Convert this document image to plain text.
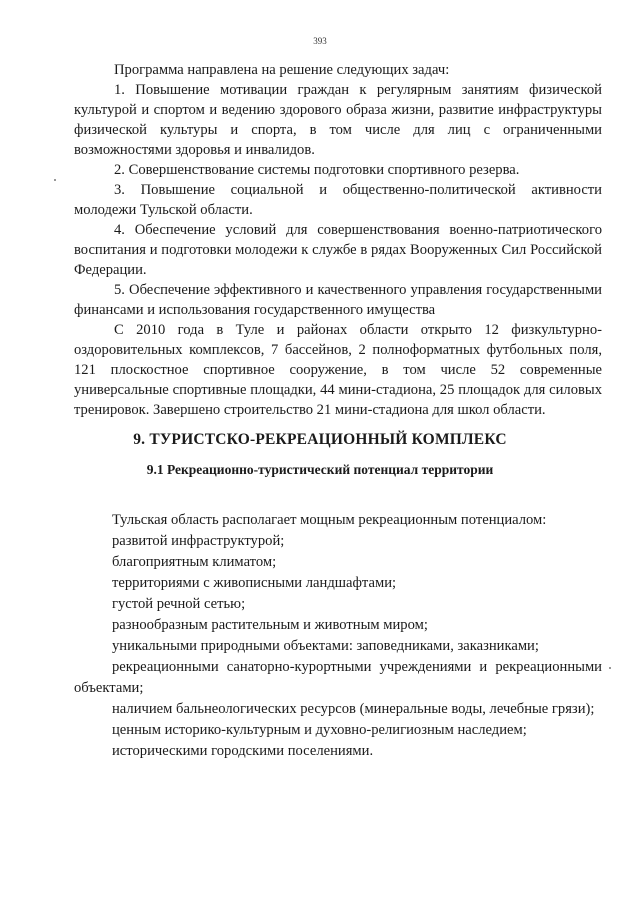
393

Программа направлена на решение следующих задач:

1. Повышение мотивации граждан к регулярным занятиям физической культурой и спортом и ведению здорового образа жизни, развитие инфраструктуры физической культуры и спорта, в том числе для лиц с ограниченными возможностями здоровья и инвалидов.

2. Совершенствование системы подготовки спортивного резерва.

3. Повышение социальной и общественно-политической активности молодежи Тульской области.

4. Обеспечение условий для совершенствования военно-патриотического воспитания и подготовки молодежи к службе в рядах Вооруженных Сил Российской Федерации.

5. Обеспечение эффективного и качественного управления государственными финансами и использования государственного имущества

С 2010 года в Туле и районах области открыто 12 физкультурно-оздоровительных комплексов, 7 бассейнов, 2 полноформатных футбольных поля, 121 плоскостное спортивное сооружение, в том числе 52 современные универсальные спортивные площадки, 44 мини-стадиона, 25 площадок для силовых тренировок. Завершено строительство 21 мини-стадиона для школ области.

9. ТУРИСТСКО-РЕКРЕАЦИОННЫЙ КОМПЛЕКС
9.1 Рекреационно-туристический потенциал территории

Тульская область располагает мощным рекреационным потенциалом:

развитой инфраструктурой;

благоприятным климатом;

территориями с живописными ландшафтами;

густой речной сетью;

разнообразным растительным и животным миром;

уникальными природными объектами: заповедниками, заказниками;

рекреационными санаторно-курортными учреждениями и рекреационными объектами;

наличием бальнеологических ресурсов (минеральные воды, лечебные грязи);

ценным историко-культурным и духовно-религиозным наследием;

историческими городскими поселениями.
